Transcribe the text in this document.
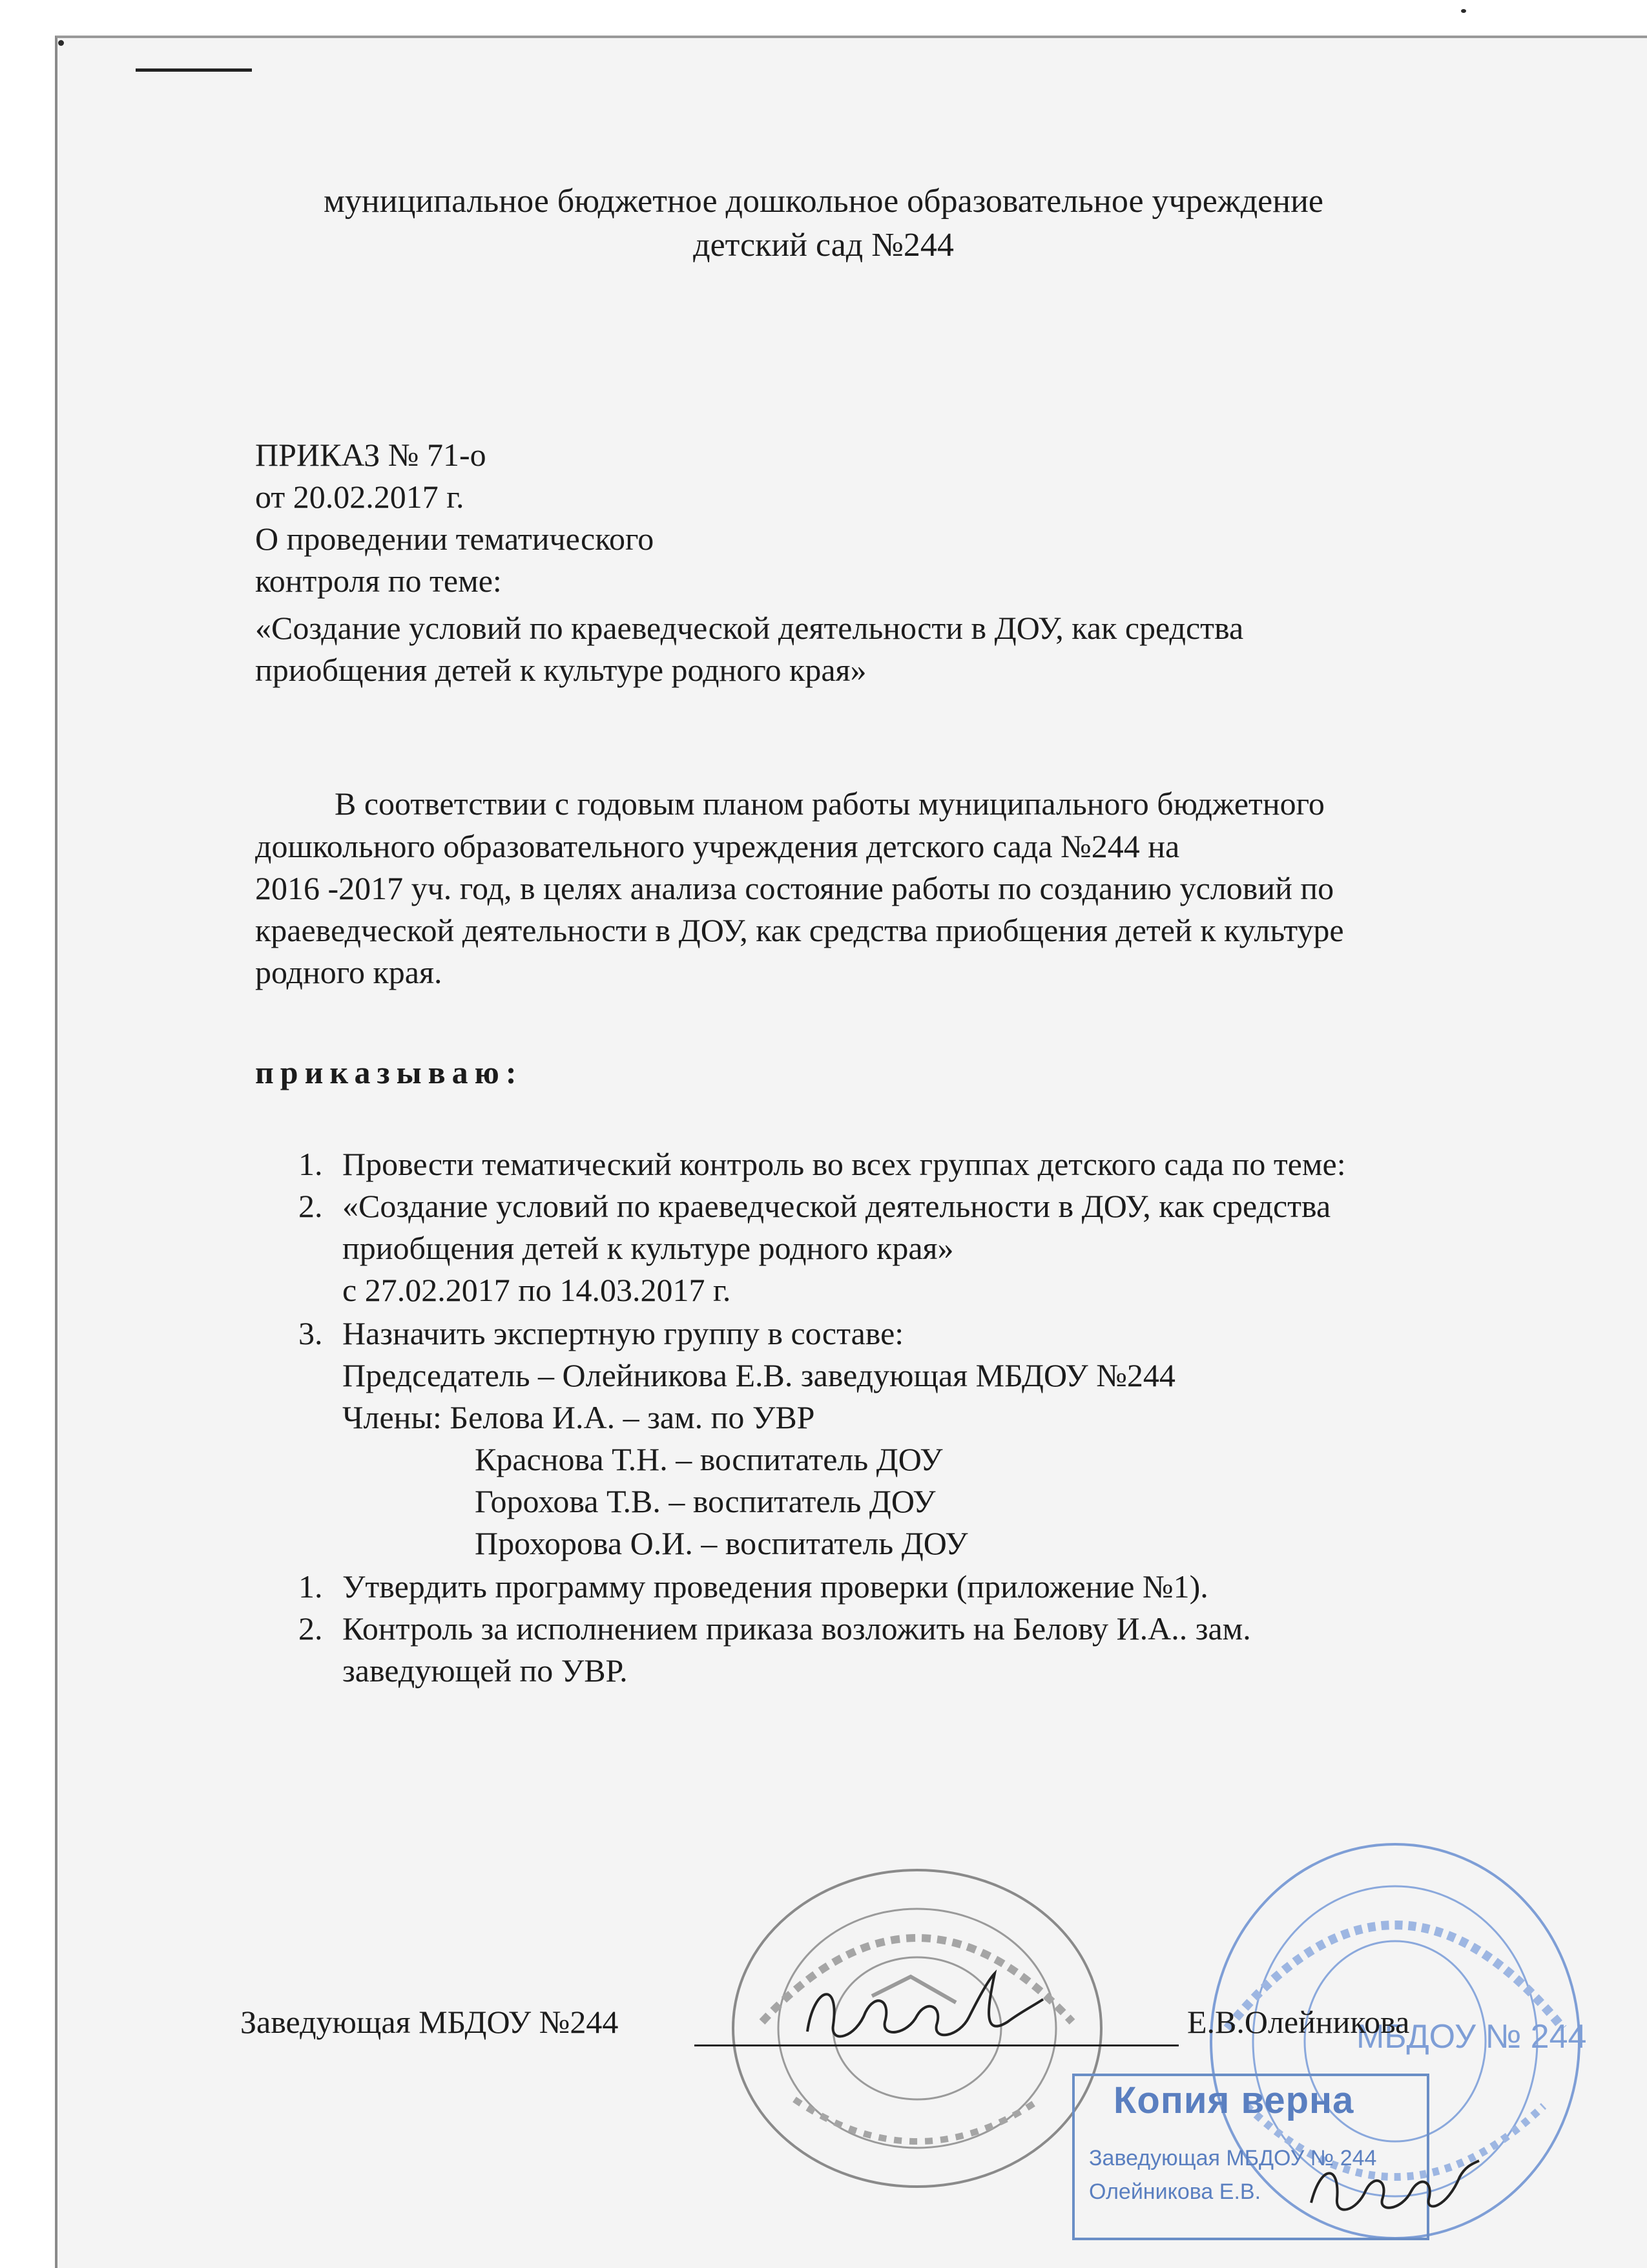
муниципальное бюджетное дошкольное образовательное учреждение
детский сад №244
ПРИКАЗ № 71-о
от 20.02.2017 г.
О проведении тематического
контроля по теме:
«Создание условий по краеведческой деятельности в ДОУ, как средства
приобщения детей к культуре родного края»
В соответствии с годовым планом работы муниципального бюджетного
дошкольного образовательного учреждения детского сада №244 на
2016 -2017 уч. год, в целях анализа состояние работы по созданию условий по
краеведческой деятельности в ДОУ, как средства приобщения детей к культуре
родного края.
приказываю:
1. Провести тематический контроль во всех группах детского сада по теме:
2. «Создание условий по краеведческой деятельности в ДОУ, как средства
приобщения детей к культуре родного края»
с 27.02.2017 по 14.03.2017 г.
3. Назначить экспертную группу в составе:
Председатель – Олейникова Е.В. заведующая МБДОУ №244
Члены: Белова И.А. – зам. по УВР
Краснова Т.Н. – воспитатель ДОУ
Горохова Т.В. – воспитатель ДОУ
Прохорова О.И. – воспитатель ДОУ
1. Утвердить программу проведения проверки (приложение №1).
2. Контроль за исполнением приказа возложить на Белову И.А.. зам.
заведующей по УВР.
МБДОУ № 244
Заведующая МБДОУ №244	Е.В.Олейникова
Копия верна
Заведующая МБДОУ № 244
Олейникова Е.В.
